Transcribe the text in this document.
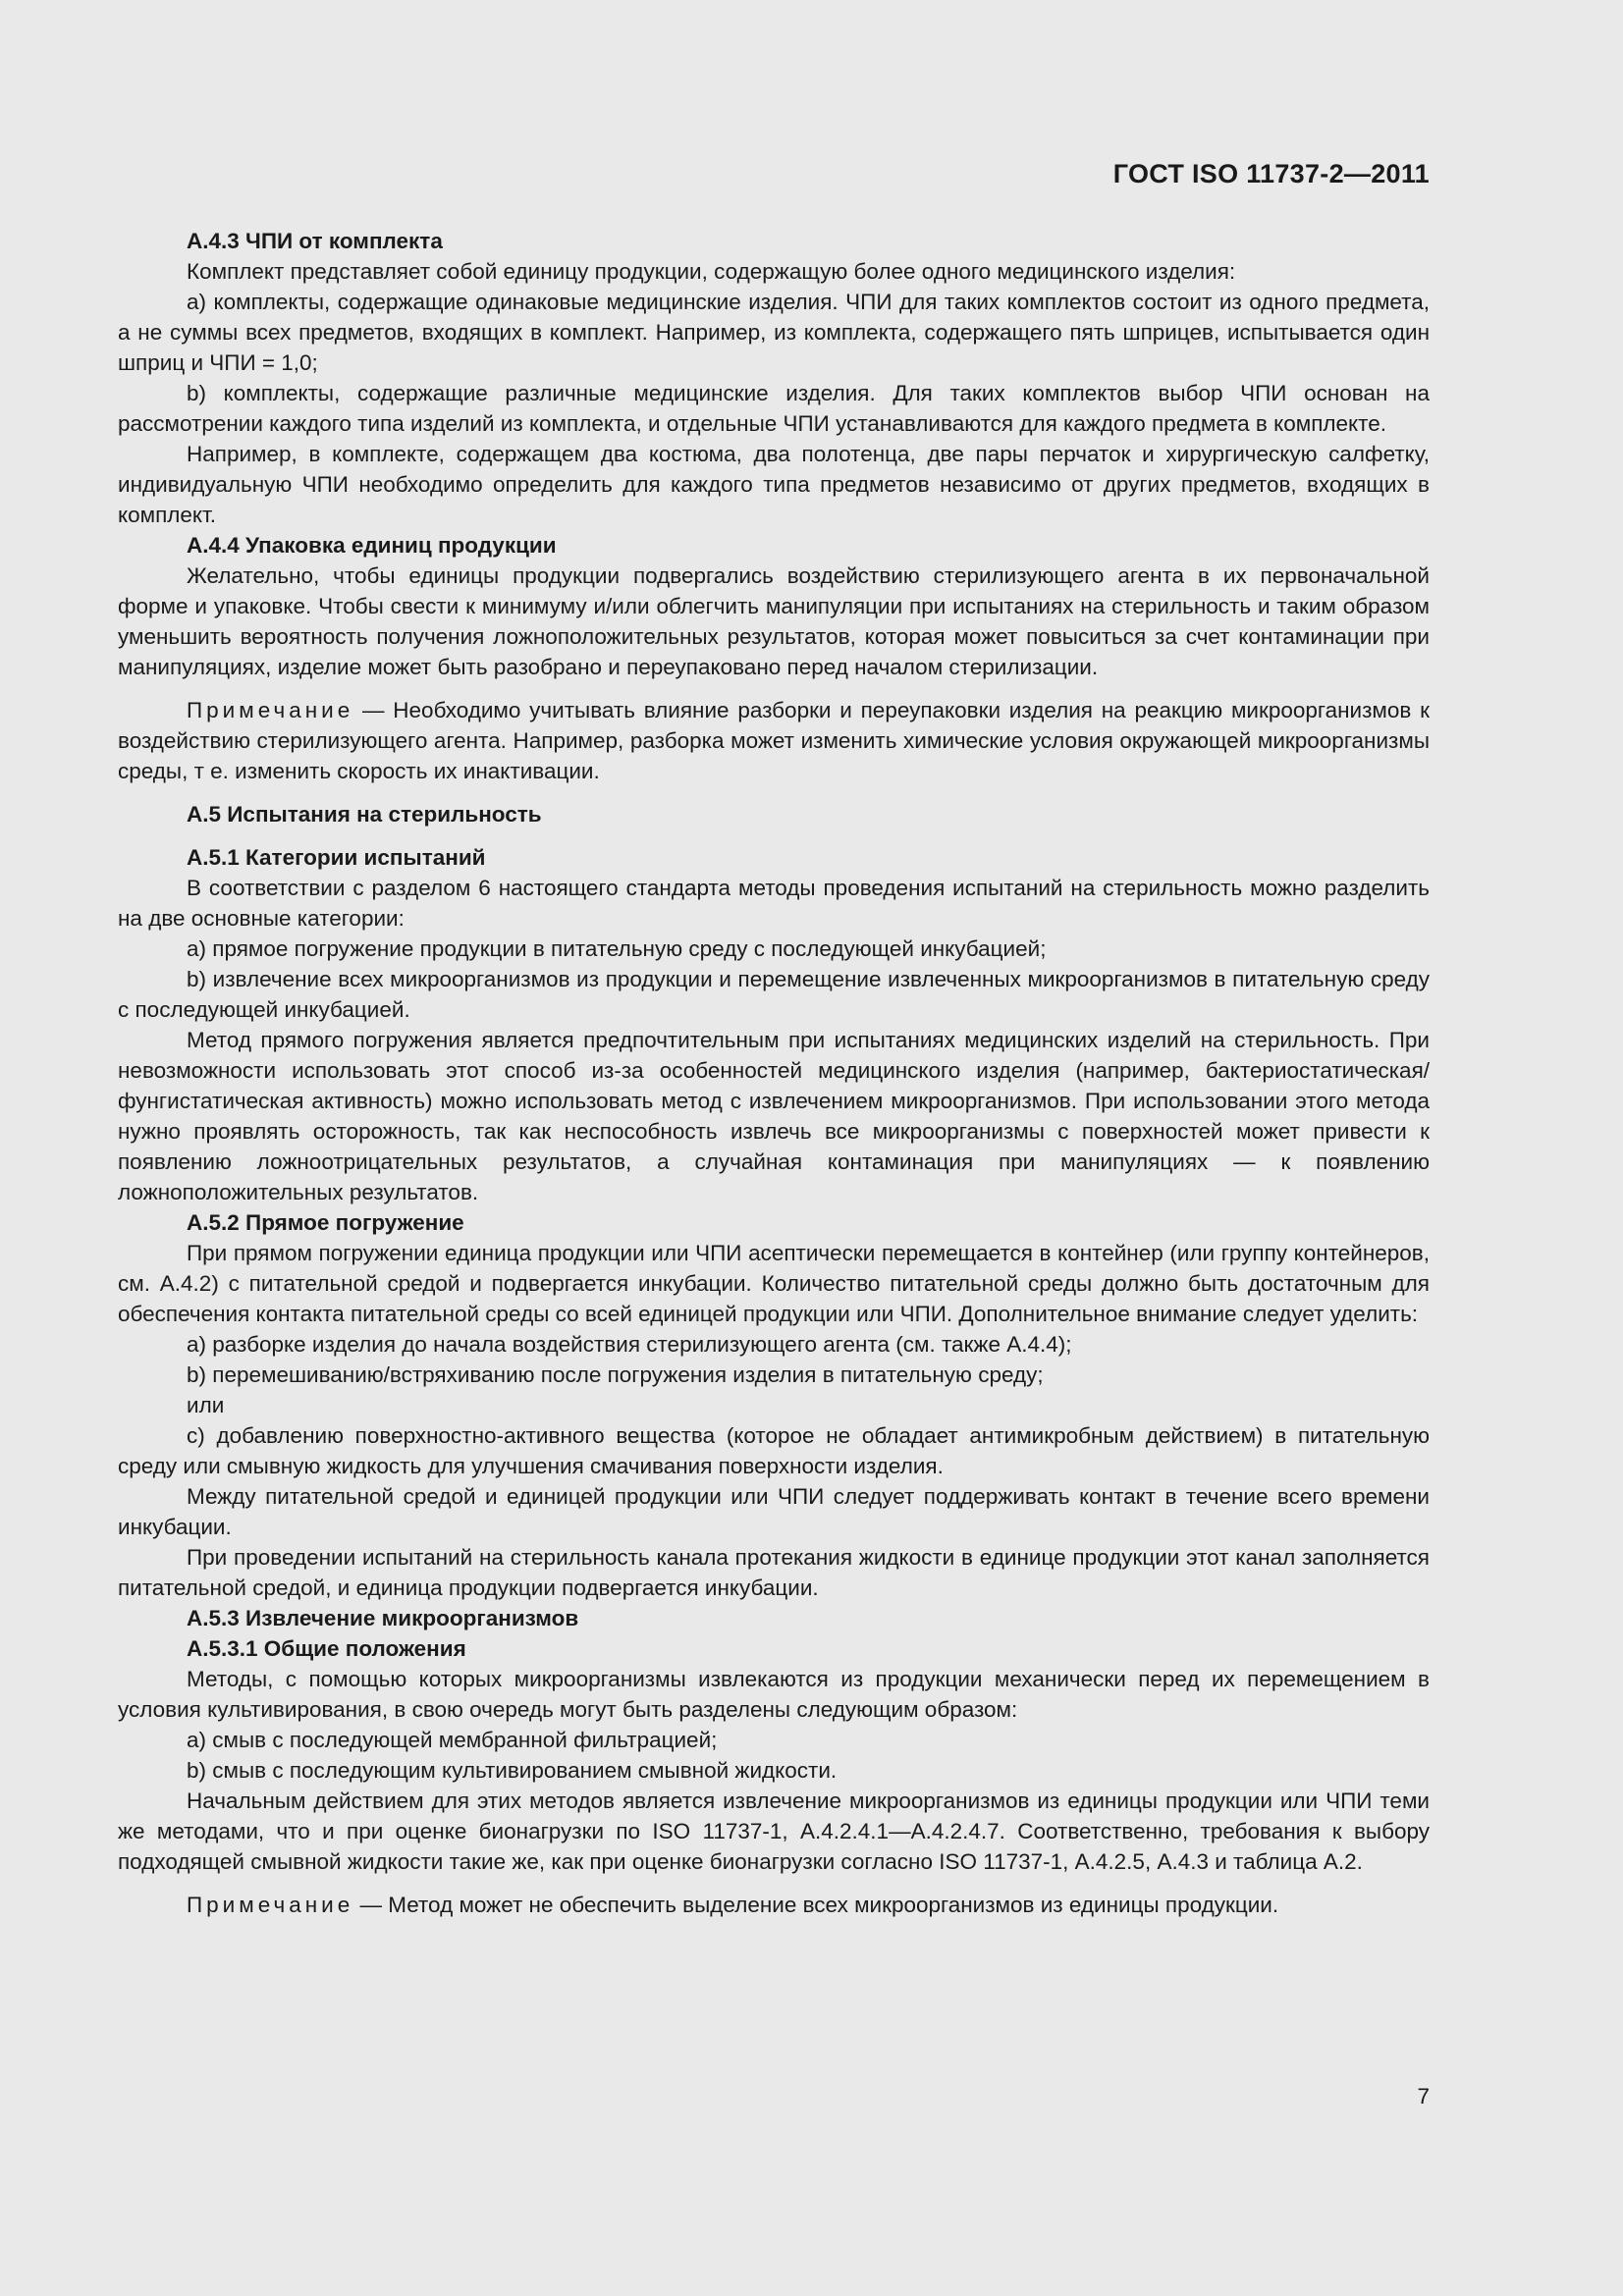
ГОСТ ISO 11737-2—2011
А.4.3 ЧПИ от комплекта

Комплект представляет собой единицу продукции, содержащую более одного медицинского изделия:

а) комплекты, содержащие одинаковые медицинские изделия. ЧПИ для таких комплектов состоит из одного предмета, а не суммы всех предметов, входящих в комплект. Например, из комплекта, содержащего пять шприцев, испытывается один шприц и ЧПИ = 1,0;

b) комплекты, содержащие различные медицинские изделия. Для таких комплектов выбор ЧПИ основан на рассмотрении каждого типа изделий из комплекта, и отдельные ЧПИ устанавливаются для каждого предмета в комплекте.

Например, в комплекте, содержащем два костюма, два полотенца, две пары перчаток и хирургическую салфетку, индивидуальную ЧПИ необходимо определить для каждого типа предметов независимо от других предметов, входящих в комплект.

А.4.4 Упаковка единиц продукции

Желательно, чтобы единицы продукции подвергались воздействию стерилизующего агента в их первоначальной форме и упаковке. Чтобы свести к минимуму и/или облегчить манипуляции при испытаниях на стерильность и таким образом уменьшить вероятность получения ложноположительных результатов, которая может повыситься за счет контаминации при манипуляциях, изделие может быть разобрано и переупаковано перед началом стерилизации.

Примечание — Необходимо учитывать влияние разборки и переупаковки изделия на реакцию микроорганизмов к воздействию стерилизующего агента. Например, разборка может изменить химические условия окружающей микроорганизмы среды, т е. изменить скорость их инактивации.

А.5 Испытания на стерильность
А.5.1 Категории испытаний

В соответствии с разделом 6 настоящего стандарта методы проведения испытаний на стерильность можно разделить на две основные категории:

а) прямое погружение продукции в питательную среду с последующей инкубацией;

b) извлечение всех микроорганизмов из продукции и перемещение извлеченных микроорганизмов в питательную среду с последующей инкубацией.

Метод прямого погружения является предпочтительным при испытаниях медицинских изделий на стерильность. При невозможности использовать этот способ из-за особенностей медицинского изделия (например, бактериостатическая/фунгистатическая активность) можно использовать метод с извлечением микроорганизмов. При использовании этого метода нужно проявлять осторожность, так как неспособность извлечь все микроорганизмы с поверхностей может привести к появлению ложноотрицательных результатов, а случайная контаминация при манипуляциях — к появлению ложноположительных результатов.

А.5.2 Прямое погружение

При прямом погружении единица продукции или ЧПИ асептически перемещается в контейнер (или группу контейнеров, см. А.4.2) с питательной средой и подвергается инкубации. Количество питательной среды должно быть достаточным для обеспечения контакта питательной среды со всей единицей продукции или ЧПИ. Дополнительное внимание следует уделить:

а) разборке изделия до начала воздействия стерилизующего агента (см. также А.4.4);

b) перемешиванию/встряхиванию после погружения изделия в питательную среду;

или

с) добавлению поверхностно-активного вещества (которое не обладает антимикробным действием) в питательную среду или смывную жидкость для улучшения смачивания поверхности изделия.

Между питательной средой и единицей продукции или ЧПИ следует поддерживать контакт в течение всего времени инкубации.

При проведении испытаний на стерильность канала протекания жидкости в единице продукции этот канал заполняется питательной средой, и единица продукции подвергается инкубации.

А.5.3 Извлечение микроорганизмов
А.5.3.1 Общие положения

Методы, с помощью которых микроорганизмы извлекаются из продукции механически перед их перемещением в условия культивирования, в свою очередь могут быть разделены следующим образом:

а) смыв с последующей мембранной фильтрацией;

b) смыв с последующим культивированием смывной жидкости.

Начальным действием для этих методов является извлечение микроорганизмов из единицы продукции или ЧПИ теми же методами, что и при оценке бионагрузки по ISO 11737-1, А.4.2.4.1—А.4.2.4.7. Соответственно, требования к выбору подходящей смывной жидкости такие же, как при оценке бионагрузки согласно ISO 11737-1, А.4.2.5, А.4.3 и таблица А.2.

Примечание — Метод может не обеспечить выделение всех микроорганизмов из единицы продукции.

7
